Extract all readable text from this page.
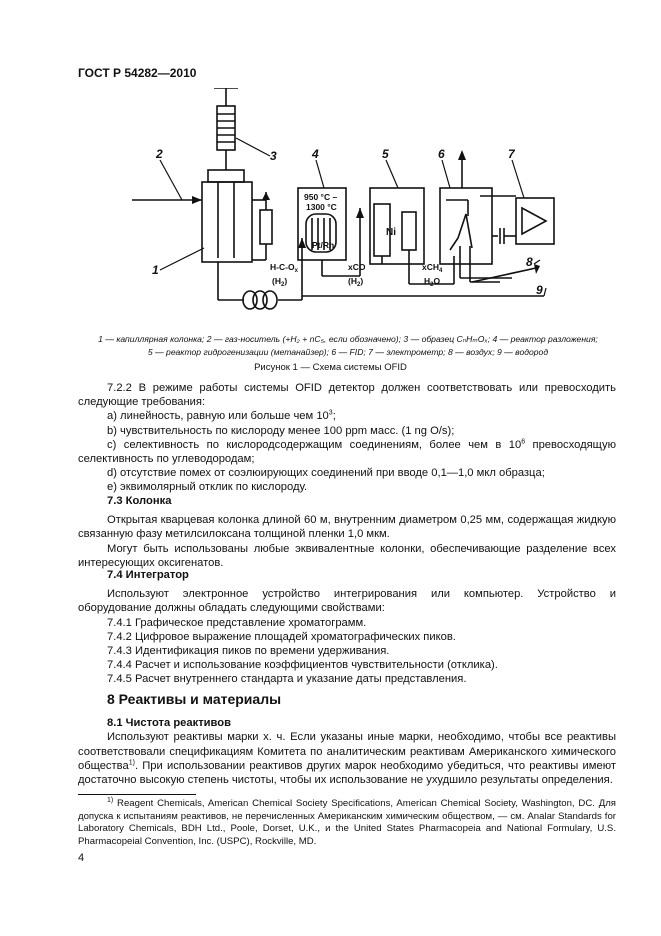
ГОСТ Р 54282—2010
2	3	4	5	6	7
1
8
9
950 °С –
1300 °С
Pt/Rh
Ni
$H-C-O_x$
$(H_2)$
xCO
$(H_2)$
xCH$_4$
$H_2O$
1 — капиллярная колонка; 2 — газ-носитель (+H₂ + nC₅, если обозначено); 3 — образец CₙHₘOₓ; 4 — реактор разложения;
5 — реактор гидрогенизации (метанайзер); 6 — FID; 7 — электрометр; 8 — воздух; 9 — водород
Рисунок 1 — Схема системы OFID

7.2.2 В режиме работы системы OFID детектор должен соответствовать или превосходить следующие требования:

а) линейность, равную или больше чем $10^3$;

b) чувствительность по кислороду менее 100 ppm масс. (1 ng O/s);

с) селективность по кислородсодержащим соединениям, более чем в $10^6$ превосходящую селективность по углеводородам;

d) отсутствие помех от соэлюирующих соединений при вводе 0,1—1,0 мкл образца;

е) эквимолярный отклик по кислороду.

7.3 Колонка

Открытая кварцевая колонка длиной 60 м, внутренним диаметром 0,25 мм, содержащая жидкую связанную фазу метилсилоксана толщиной пленки 1,0 мкм.

Могут быть использованы любые эквивалентные колонки, обеспечивающие разделение всех интересующих оксигенатов.

7.4 Интегратор

Используют электронное устройство интегрирования или компьютер. Устройство и оборудование должны обладать следующими свойствами:

7.4.1 Графическое представление хроматограмм.

7.4.2 Цифровое выражение площадей хроматографических пиков.

7.4.3 Идентификация пиков по времени удерживания.

7.4.4 Расчет и использование коэффициентов чувствительности (отклика).

7.4.5 Расчет внутреннего стандарта и указание даты представления.

8 Реактивы и материалы

8.1 Чистота реактивов

Используют реактивы марки х. ч. Если указаны иные марки, необходимо, чтобы все реактивы соответствовали спецификациям Комитета по аналитическим реактивам Американского химического общества$^{1)}$. При использовании реактивов других марок необходимо убедиться, что реактивы имеют достаточно высокую степень чистоты, чтобы их использование не ухудшило результаты определения.

$^{1)}$ Reagent Chemicals, American Chemical Society Specifications, American Chemical Society, Washington, DC. Для допуска к испытаниям реактивов, не перечисленных Американским химическим обществом, — см. Analar Standards for Laboratory Chemicals, BDH Ltd., Poole, Dorset, U.K., и the United States Pharmacopeia and National Formulary, U.S. Pharmacopeial Convention, Inc. (USPC), Rockville, MD.
4
